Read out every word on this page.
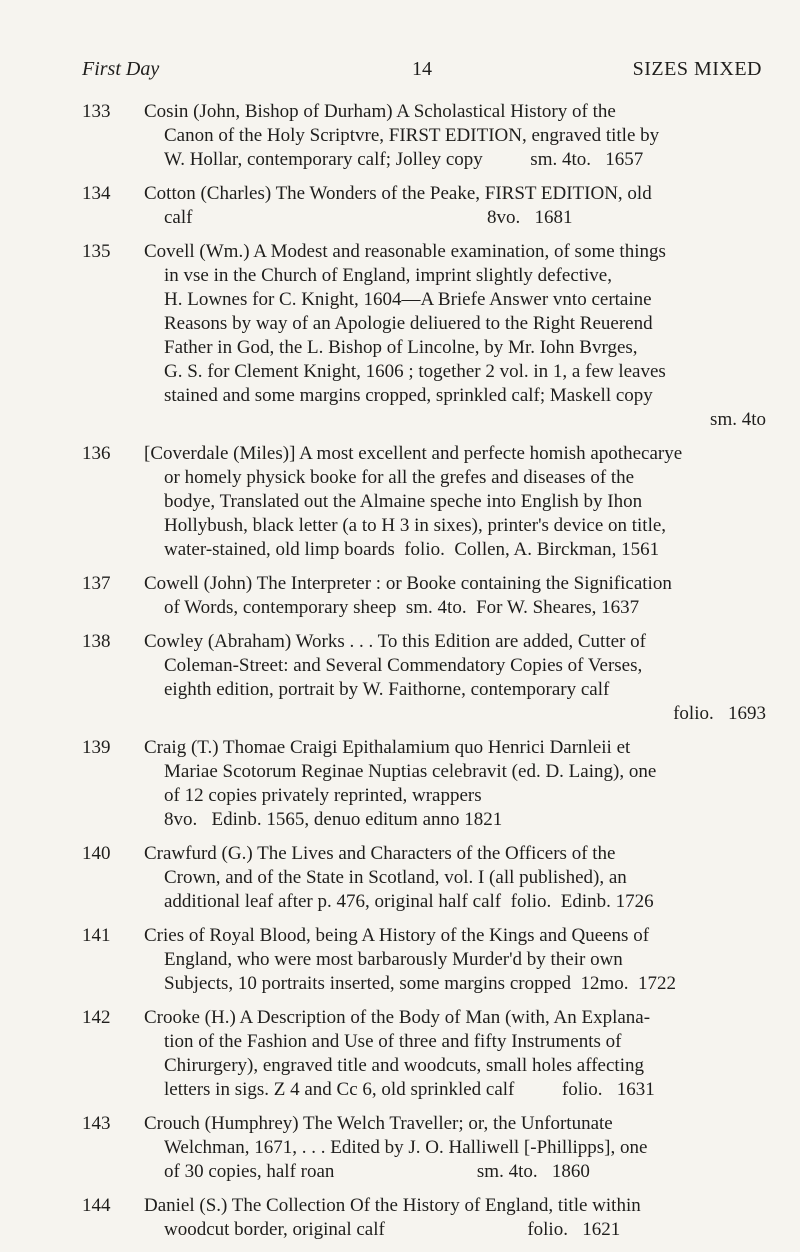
First Day	14	SIZES MIXED
133	Cosin (John, Bishop of Durham) A Scholastical History of the
Canon of the Holy Scriptvre, FIRST EDITION, engraved title by
W. Hollar, contemporary calf; Jolley copy          sm. 4to.   1657
134	Cotton (Charles) The Wonders of the Peake, FIRST EDITION, old
calf                                                              8vo.   1681
135	Covell (Wm.) A Modest and reasonable examination, of some things
in vse in the Church of England, imprint slightly defective,
H. Lownes for C. Knight, 1604—A Briefe Answer vnto certaine
Reasons by way of an Apologie deliuered to the Right Reuerend
Father in God, the L. Bishop of Lincolne, by Mr. Iohn Bvrges,
G. S. for Clement Knight, 1606 ; together 2 vol. in 1, a few leaves
stained and some margins cropped, sprinkled calf; Maskell copy
sm. 4to
136	[Coverdale (Miles)] A most excellent and perfecte homish apothecarye
or homely physick booke for all the grefes and diseases of the
bodye, Translated out the Almaine speche into English by Ihon
Hollybush, black letter (a to H 3 in sixes), printer's device on title,
water-stained, old limp boards  folio.  Collen, A. Birckman, 1561
137	Cowell (John) The Interpreter : or Booke containing the Signification
of Words, contemporary sheep  sm. 4to.  For W. Sheares, 1637
138	Cowley (Abraham) Works . . . To this Edition are added, Cutter of
Coleman-Street: and Several Commendatory Copies of Verses,
eighth edition, portrait by W. Faithorne, contemporary calf
folio.   1693
139	Craig (T.) Thomae Craigi Epithalamium quo Henrici Darnleii et
Mariae Scotorum Reginae Nuptias celebravit (ed. D. Laing), one
of 12 copies privately reprinted, wrappers
8vo.   Edinb. 1565, denuo editum anno 1821
140	Crawfurd (G.) The Lives and Characters of the Officers of the
Crown, and of the State in Scotland, vol. I (all published), an
additional leaf after p. 476, original half calf  folio.  Edinb. 1726
141	Cries of Royal Blood, being A History of the Kings and Queens of
England, who were most barbarously Murder'd by their own
Subjects, 10 portraits inserted, some margins cropped  12mo.  1722
142	Crooke (H.) A Description of the Body of Man (with, An Explana-
tion of the Fashion and Use of three and fifty Instruments of
Chirurgery), engraved title and woodcuts, small holes affecting
letters in sigs. Z 4 and Cc 6, old sprinkled calf          folio.   1631
143	Crouch (Humphrey) The Welch Traveller; or, the Unfortunate
Welchman, 1671, . . . Edited by J. O. Halliwell [-Phillipps], one
of 30 copies, half roan                              sm. 4to.   1860
144	Daniel (S.) The Collection Of the History of England, title within
woodcut border, original calf                              folio.   1621
